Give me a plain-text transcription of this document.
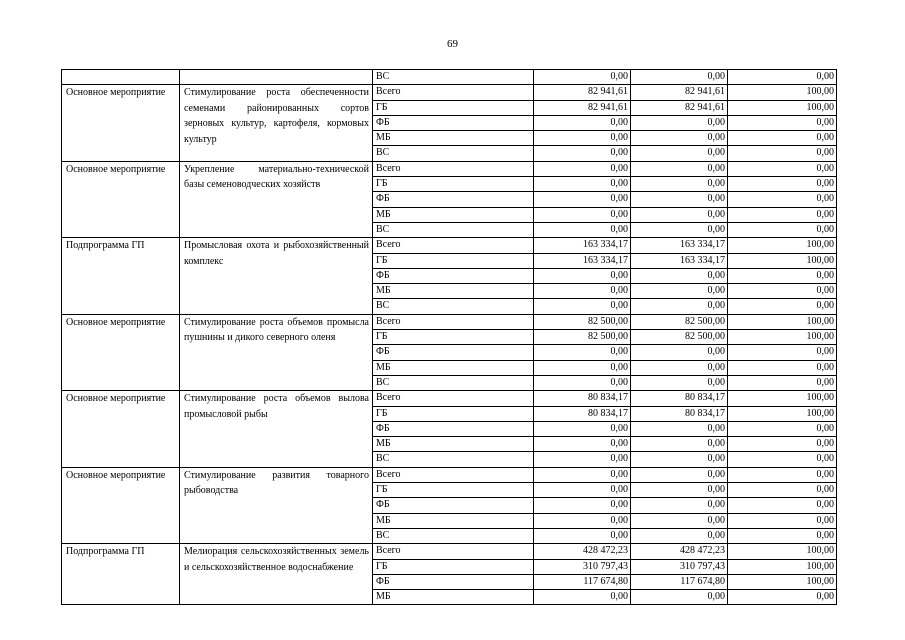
69
		ВС	0,00	0,00	0,00
Основное мероприятие	Стимулирование роста обеспеченности семенами районированных сортов зерновых культур, картофеля, кормовых культур	Всего	82 941,61	82 941,61	100,00
		ГБ	82 941,61	82 941,61	100,00
		ФБ	0,00	0,00	0,00
		МБ	0,00	0,00	0,00
		ВС	0,00	0,00	0,00
Основное мероприятие	Укрепление материально-технической базы семеноводческих хозяйств	Всего	0,00	0,00	0,00
		ГБ	0,00	0,00	0,00
		ФБ	0,00	0,00	0,00
		МБ	0,00	0,00	0,00
		ВС	0,00	0,00	0,00
Подпрограмма ГП	Промысловая охота и рыбохозяйственный комплекс	Всего	163 334,17	163 334,17	100,00
		ГБ	163 334,17	163 334,17	100,00
		ФБ	0,00	0,00	0,00
		МБ	0,00	0,00	0,00
		ВС	0,00	0,00	0,00
Основное мероприятие	Стимулирование роста объемов промысла пушнины и дикого северного оленя	Всего	82 500,00	82 500,00	100,00
		ГБ	82 500,00	82 500,00	100,00
		ФБ	0,00	0,00	0,00
		МБ	0,00	0,00	0,00
		ВС	0,00	0,00	0,00
Основное мероприятие	Стимулирование роста объемов вылова промысловой рыбы	Всего	80 834,17	80 834,17	100,00
		ГБ	80 834,17	80 834,17	100,00
		ФБ	0,00	0,00	0,00
		МБ	0,00	0,00	0,00
		ВС	0,00	0,00	0,00
Основное мероприятие	Стимулирование развития товарного рыбоводства	Всего	0,00	0,00	0,00
		ГБ	0,00	0,00	0,00
		ФБ	0,00	0,00	0,00
		МБ	0,00	0,00	0,00
		ВС	0,00	0,00	0,00
Подпрограмма ГП	Мелиорация сельскохозяйственных земель и сельскохозяйственное водоснабжение	Всего	428 472,23	428 472,23	100,00
		ГБ	310 797,43	310 797,43	100,00
		ФБ	117 674,80	117 674,80	100,00
		МБ	0,00	0,00	0,00
